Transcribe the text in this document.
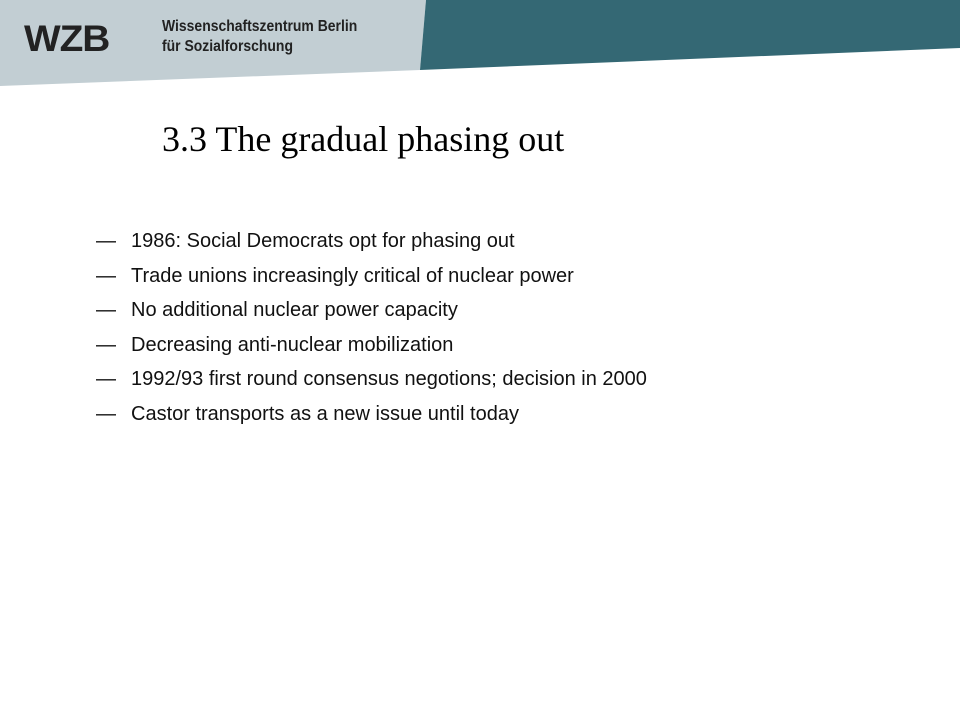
WZB	Wissenschaftszentrum Berlin
für Sozialforschung
3.3 The gradual phasing out
— 1986: Social Democrats opt for phasing out
— Trade unions increasingly critical of nuclear power
— No additional nuclear power capacity
— Decreasing anti-nuclear mobilization
— 1992/93 first round consensus negotions; decision in 2000
— Castor transports as a new issue until today
